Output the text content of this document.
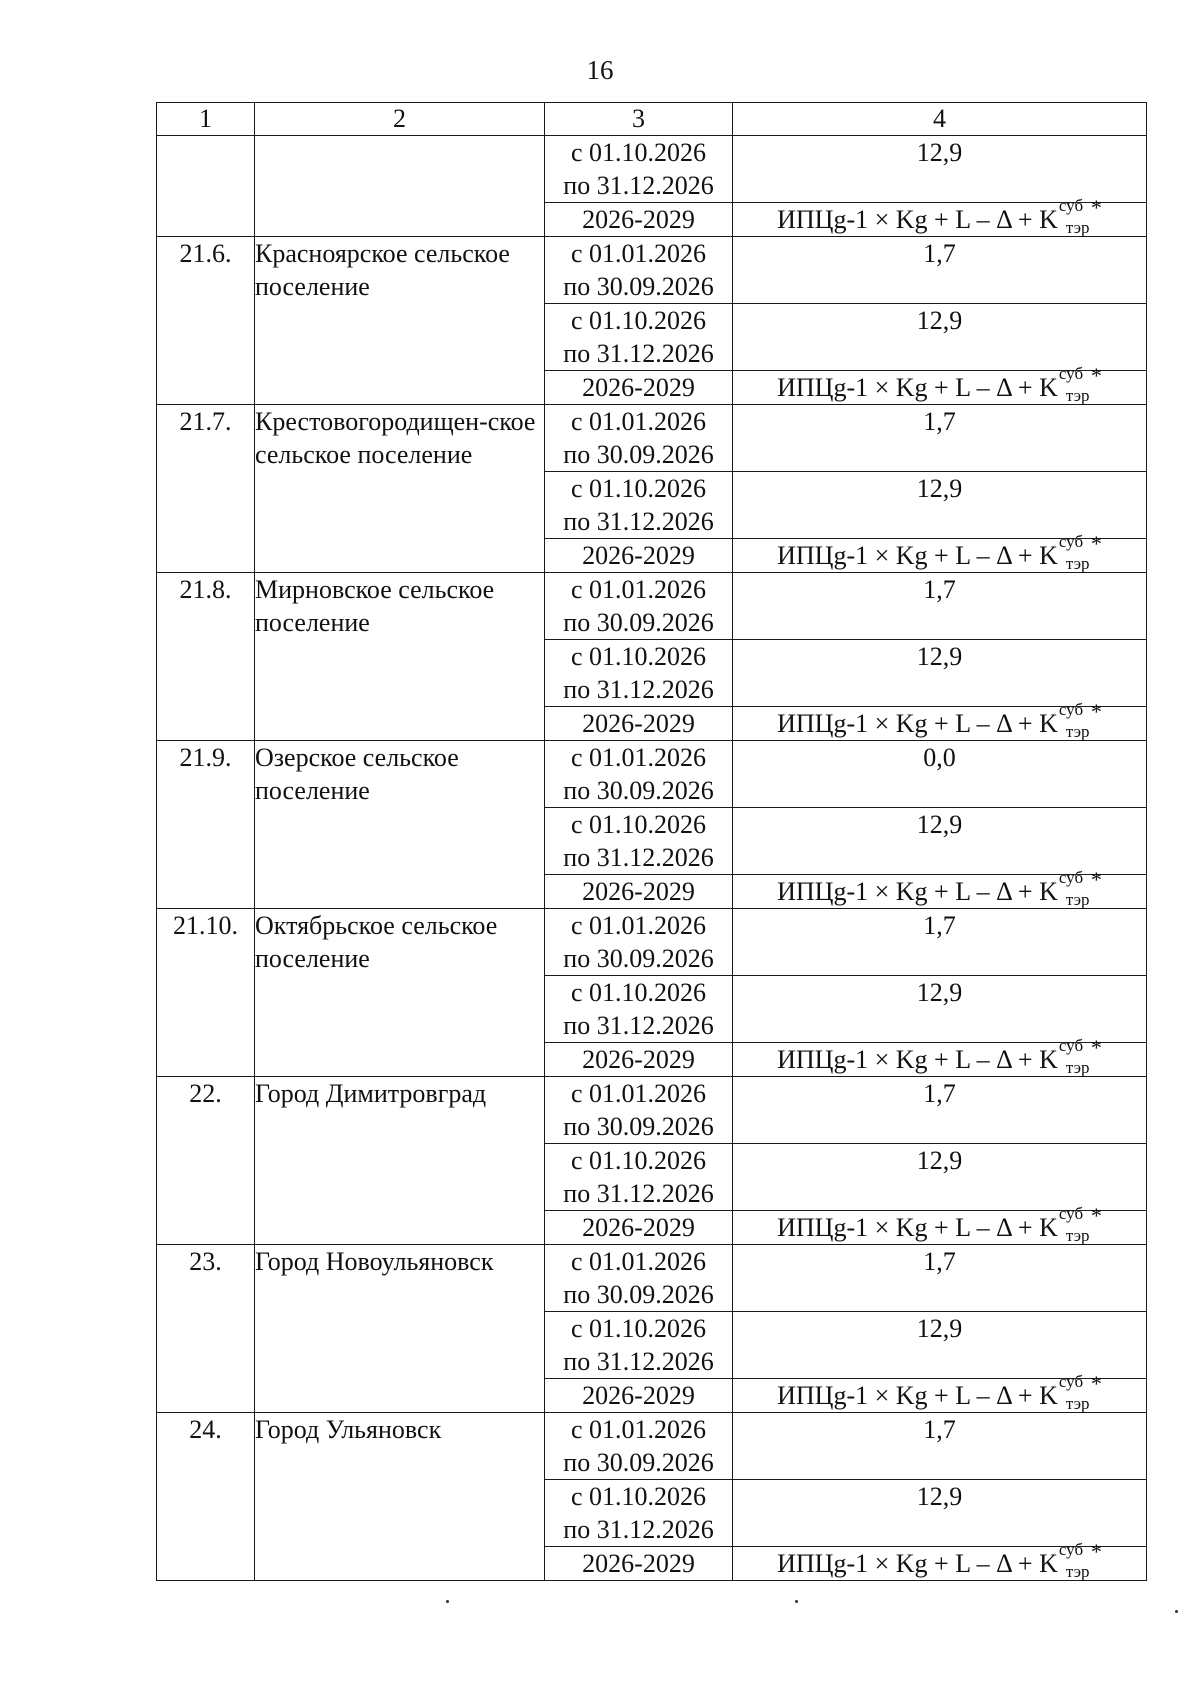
16
1	2	3	4

		с 01.10.2026
по 31.12.2026	12,9
		2026-2029	ИПЦg-1 × Kg + L – Δ + K суб
тэр
*

21.6.	Красноярское сельское поселение	с 01.01.2026
по 30.09.2026	1,7

		с 01.10.2026
по 31.12.2026	12,9
		2026-2029	ИПЦg-1 × Kg + L – Δ + K суб
тэр
*

21.7.	Крестовогородищен-ское сельское поселение	с 01.01.2026
по 30.09.2026	1,7

		с 01.10.2026
по 31.12.2026	12,9
		2026-2029	ИПЦg-1 × Kg + L – Δ + K суб
тэр
*

21.8.	Мирновское сельское поселение	с 01.01.2026
по 30.09.2026	1,7

		с 01.10.2026
по 31.12.2026	12,9
		2026-2029	ИПЦg-1 × Kg + L – Δ + K суб
тэр
*

21.9.	Озерское сельское поселение	с 01.01.2026
по 30.09.2026	0,0

		с 01.10.2026
по 31.12.2026	12,9
		2026-2029	ИПЦg-1 × Kg + L – Δ + K суб
тэр
*

21.10.	Октябрьское сельское поселение	с 01.01.2026
по 30.09.2026	1,7

		с 01.10.2026
по 31.12.2026	12,9
		2026-2029	ИПЦg-1 × Kg + L – Δ + K суб
тэр
*

22.	Город Димитровград	с 01.01.2026
по 30.09.2026	1,7

		с 01.10.2026
по 31.12.2026	12,9
		2026-2029	ИПЦg-1 × Kg + L – Δ + K суб
тэр
*

23.	Город Новоульяновск	с 01.01.2026
по 30.09.2026	1,7

		с 01.10.2026
по 31.12.2026	12,9
		2026-2029	ИПЦg-1 × Kg + L – Δ + K суб
тэр
*

24.	Город Ульяновск	с 01.01.2026
по 30.09.2026	1,7

		с 01.10.2026
по 31.12.2026	12,9
		2026-2029	ИПЦg-1 × Kg + L – Δ + K суб
тэр
*
